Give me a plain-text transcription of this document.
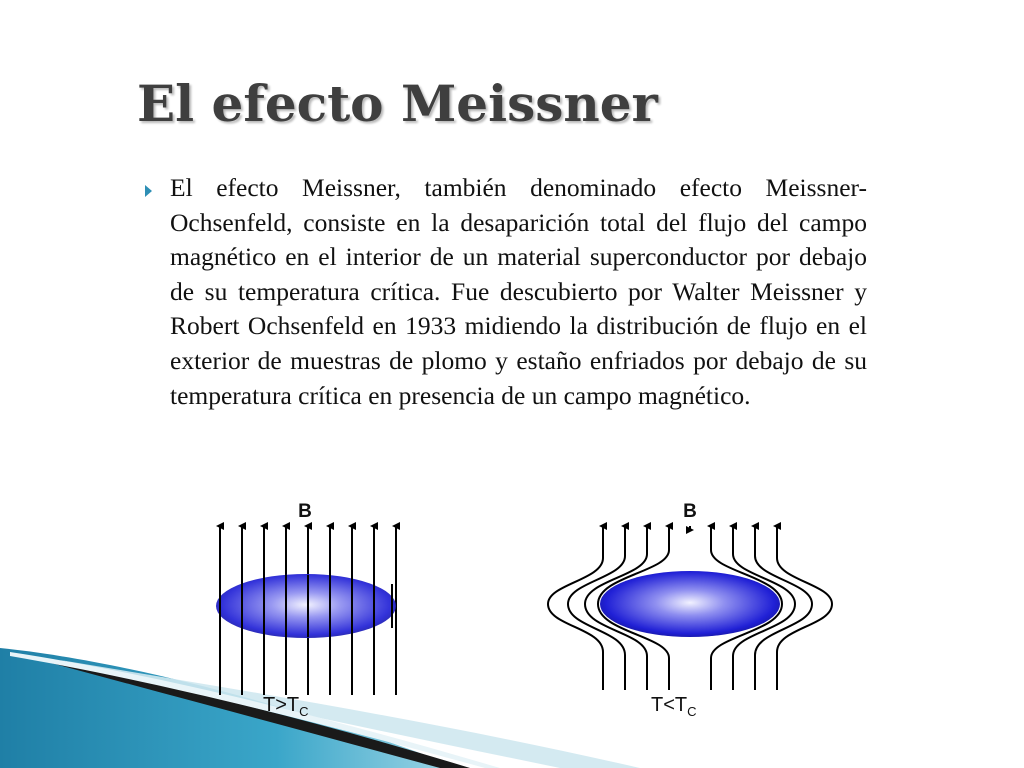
El efecto Meissner

El efecto Meissner, también denominado efecto Meissner-Ochsenfeld, consiste en la desaparición total del flujo del campo magnético en el interior de un material superconductor por debajo de su temperatura crítica. Fue descubierto por Walter Meissner y Robert Ochsenfeld en 1933 midiendo la distribución de flujo en el exterior de muestras de plomo y estaño enfriados por debajo de su temperatura crítica en presencia de un campo magnético.

B
$T>T_C$
B
$T<T_C$
